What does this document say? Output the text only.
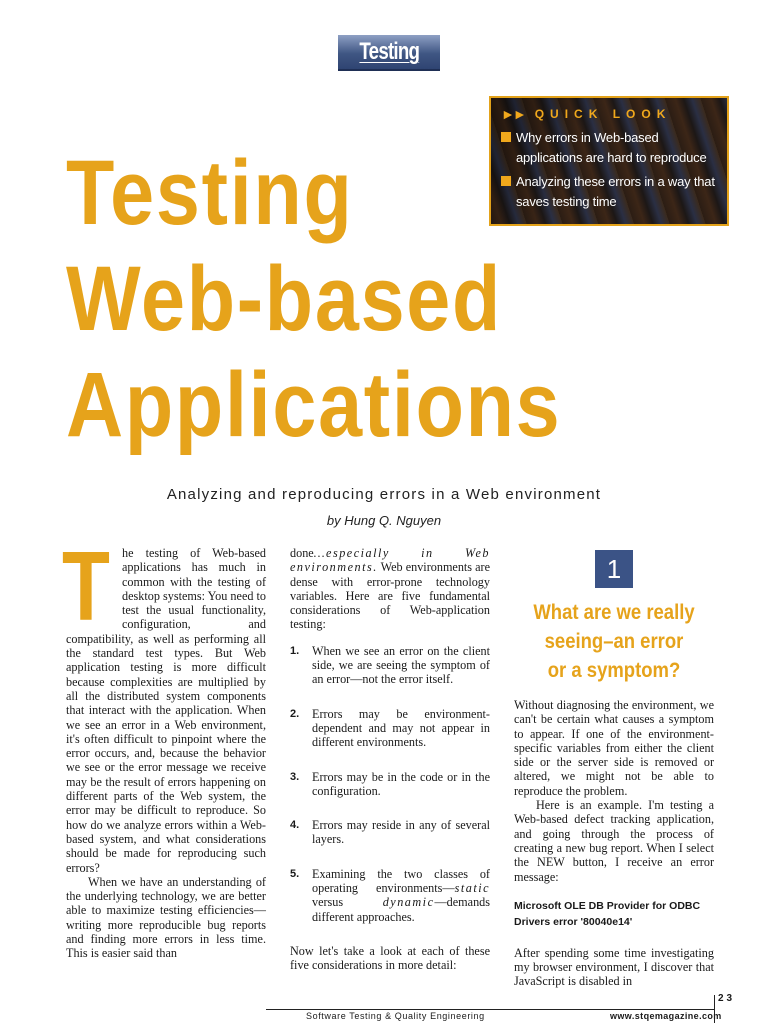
Testing
►► QUICK LOOK
Why errors in Web-based applications are hard to reproduce
Analyzing these errors in a way that saves testing time
Testing
Web-based
Applications
Analyzing and reproducing errors in a Web environment
by Hung Q. Nguyen
T he testing of Web-based applications has much in common with the testing of desktop systems: You need to test the usual functionality, configuration, and compatibility, as well as performing all the standard test types. But Web application testing is more difficult because complexities are multiplied by all the distributed system components that interact with the application. When we see an error in a Web environment, it's often difficult to pinpoint where the error occurs, and, because the behavior we see or the error message we receive may be the result of errors happening on different parts of the Web system, the error may be difficult to reproduce. So how do we analyze errors within a Web-based system, and what considerations should be made for reproducing such errors?

When we have an understanding of the underlying technology, we are better able to maximize testing efficiencies—writing more reproducible bug reports and finding more errors in less time. This is easier said than

done…especially in Web environments. Web environments are dense with error-prone technology variables. Here are five fundamental considerations of Web-application testing:

1.	When we see an error on the client side, we are seeing the symptom of an error—not the error itself.
2.	Errors may be environment-dependent and may not appear in different environments.
3.	Errors may be in the code or in the configuration.
4.	Errors may reside in any of several layers.
5.	Examining the two classes of operating environments—static versus dynamic—demands different approaches.

Now let's take a look at each of these five considerations in more detail:

1
What are we really
seeing–an error
or a symptom?

Without diagnosing the environment, we can't be certain what causes a symptom to appear. If one of the environment-specific variables from either the client side or the server side is removed or altered, we might not be able to reproduce the problem.

Here is an example. I'm testing a Web-based defect tracking application, and going through the process of creating a new bug report. When I select the NEW button, I receive an error message:

Microsoft OLE DB Provider for ODBC
Drivers error '80040e14'

After spending some time investigating my browser environment, I discover that JavaScript is disabled in

23
Software Testing & Quality Engineering	www.stqemagazine.com
